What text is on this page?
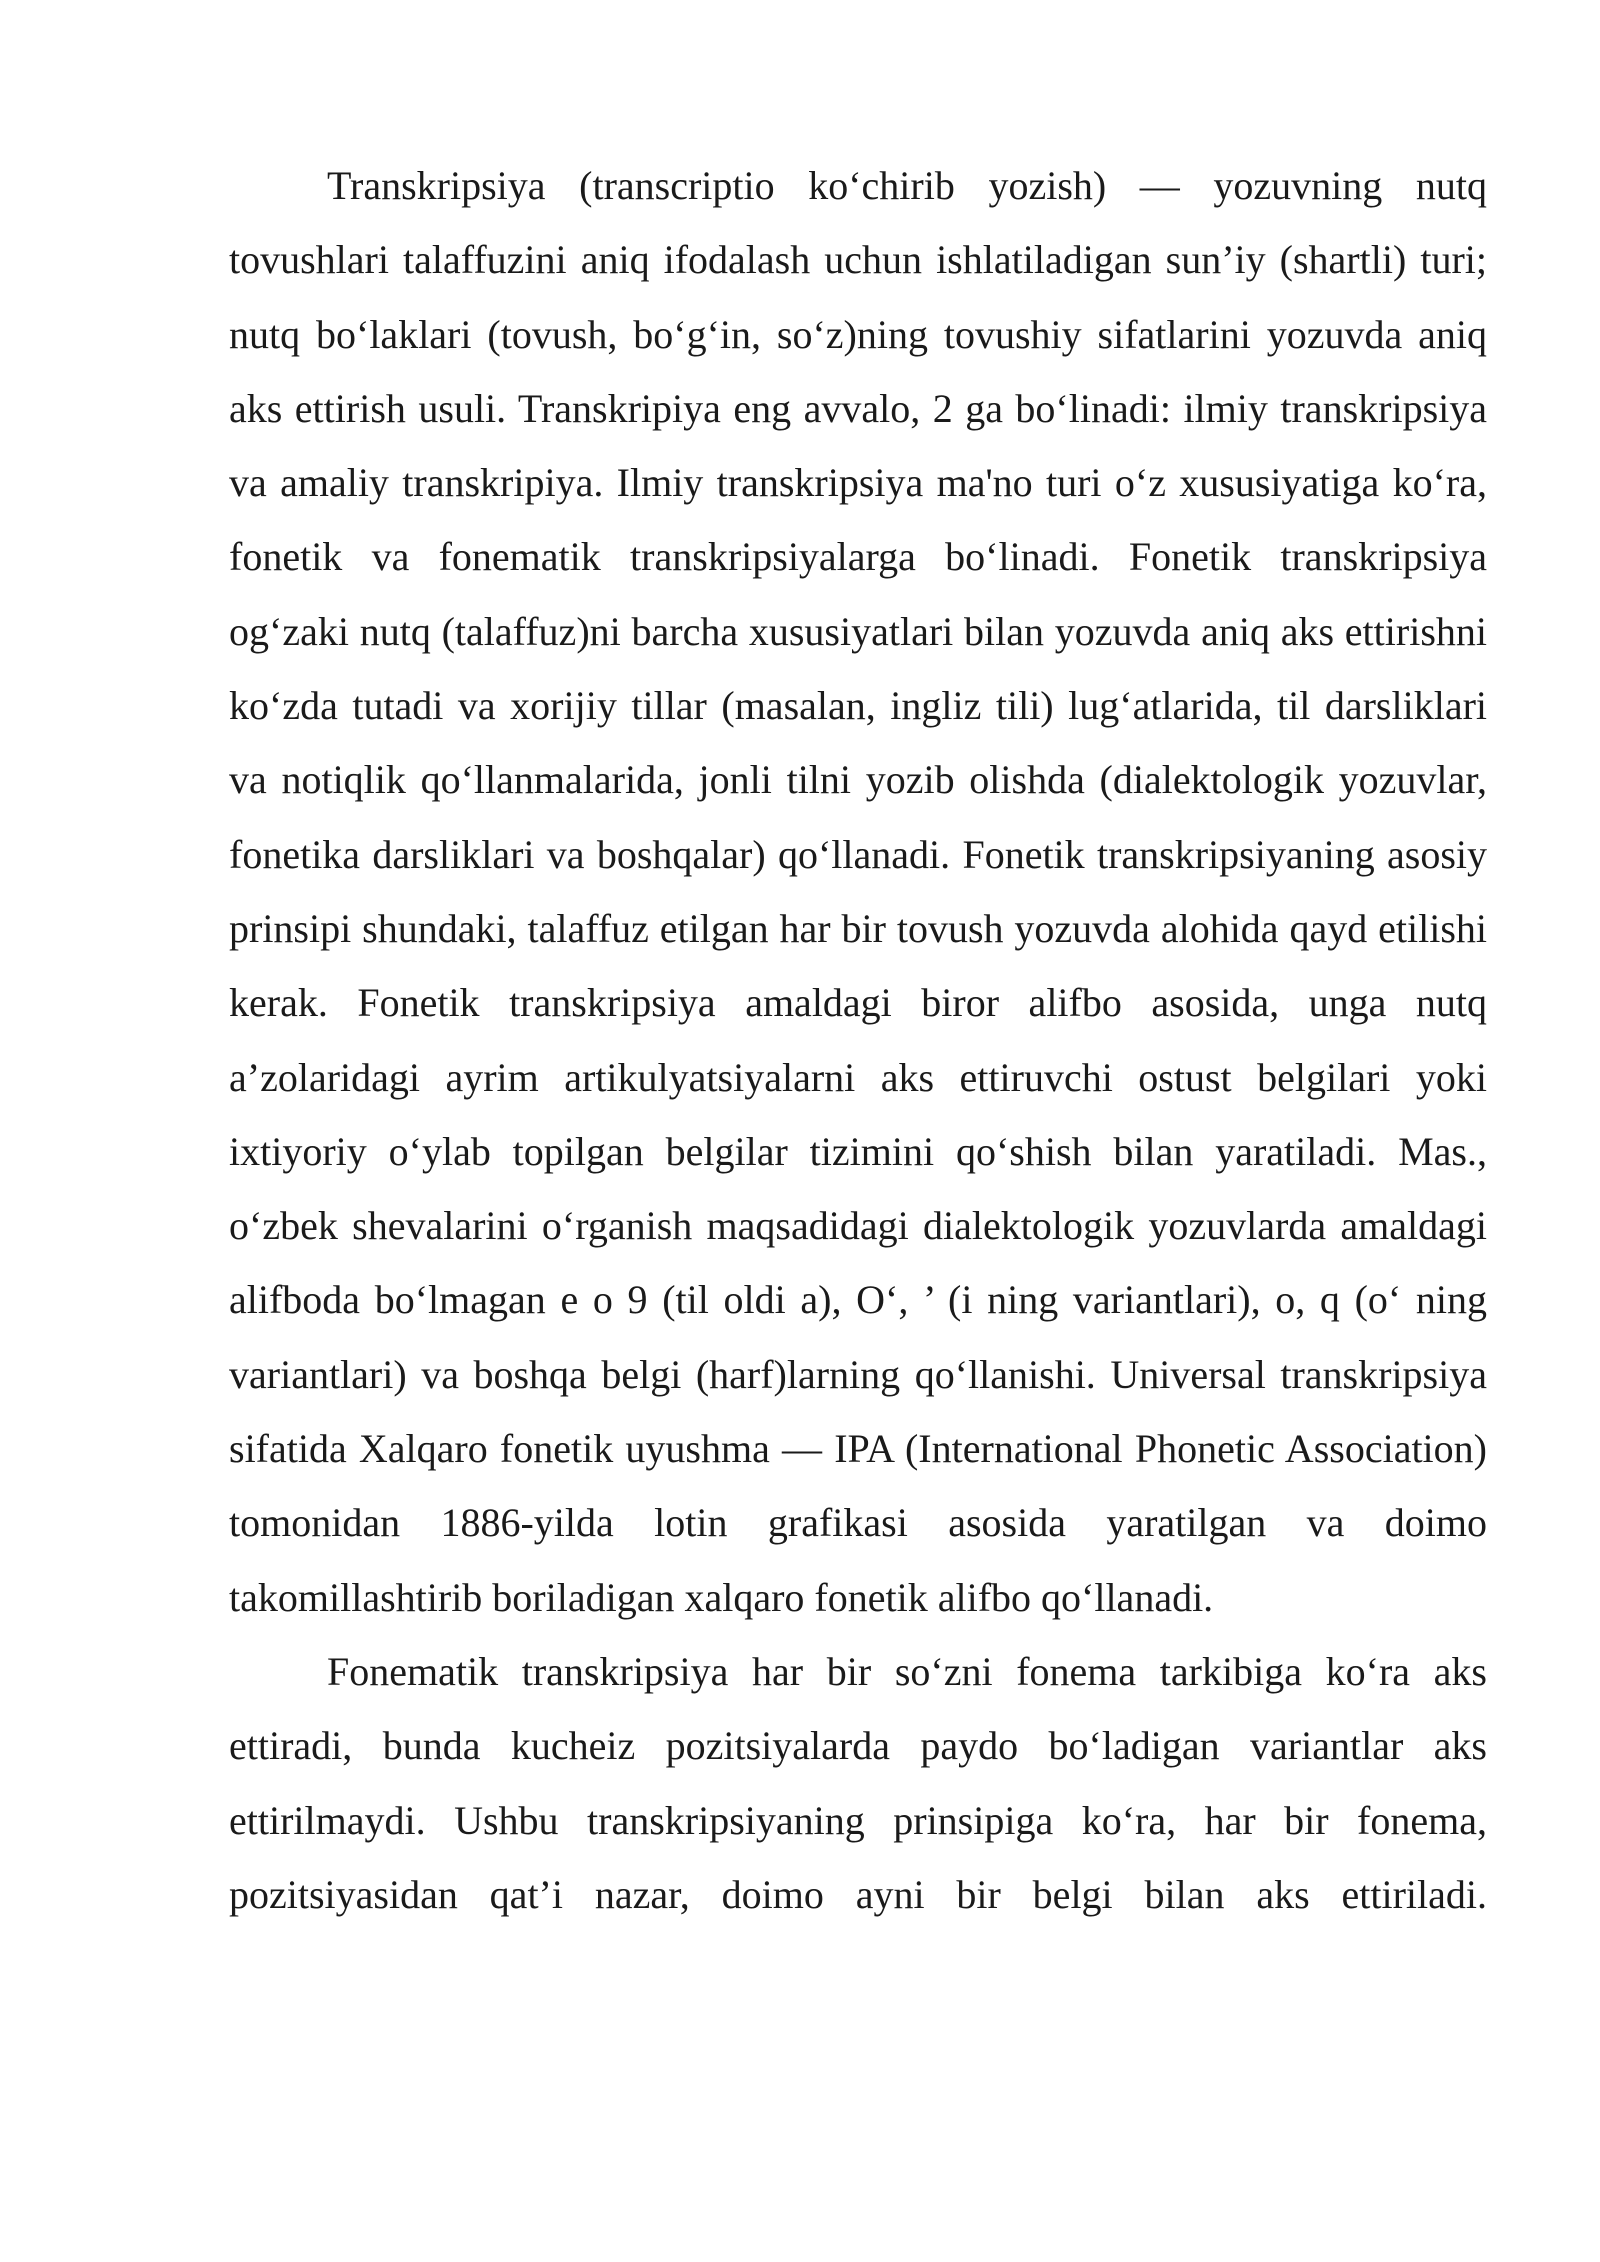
Transkripsiya (transcriptio ko‘chirib yozish) — yozuvning nutq tovushlari talaffuzini aniq ifodalash uchun ishlatiladigan sun’iy (shartli) turi; nutq bo‘laklari (tovush, bo‘g‘in, so‘z)ning tovushiy sifatlarini yozuvda aniq aks ettirish usuli. Transkripiya eng avvalo, 2 ga bo‘linadi: ilmiy transkripsiya va amaliy transkripiya. Ilmiy transkripsiya ma'no turi o‘z xususiyatiga ko‘ra, fonetik va fonematik transkripsiyalarga bo‘linadi. Fonetik transkripsiya og‘zaki nutq (talaffuz)ni barcha xususiyatlari bilan yozuvda aniq aks ettirishni ko‘zda tutadi va xorijiy tillar (masalan, ingliz tili) lug‘atlarida, til darsliklari va notiqlik qo‘llanmalarida, jonli tilni yozib olishda (dialektologik yozuvlar, fonetika darsliklari va boshqalar) qo‘llanadi. Fonetik transkripsiyaning asosiy prinsipi shundaki, talaffuz etilgan har bir tovush yozuvda alohida qayd etilishi kerak. Fonetik transkripsiya amaldagi biror alifbo asosida, unga nutq a’zolaridagi ayrim artikulyatsiyalarni aks ettiruvchi ostust belgilari yoki ixtiyoriy o‘ylab topilgan belgilar tizimini qo‘shish bilan yaratiladi. Mas., o‘zbek shevalarini o‘rganish maqsadidagi dialektologik yozuvlarda amaldagi alifboda bo‘lmagan e o 9 (til oldi a), O‘, ’ (i ning variantlari), o, q (o‘ ning variantlari) va boshqa belgi (harf)larning qo‘llanishi. Universal transkripsiya sifatida Xalqaro fonetik uyushma — IPA (International Phonetic Association) tomonidan 1886-yilda lotin grafikasi asosida yaratilgan va doimo takomillashtirib boriladigan xalqaro fonetik alifbo qo‘llanadi.

Fonematik transkripsiya har bir so‘zni fonema tarkibiga ko‘ra aks ettiradi, bunda kucheiz pozitsiyalarda paydo bo‘ladigan variantlar aks ettirilmaydi. Ushbu transkripsiyaning prinsipiga ko‘ra, har bir fonema, pozitsiyasidan qat’i nazar, doimo ayni bir belgi bilan aks ettiriladi.
